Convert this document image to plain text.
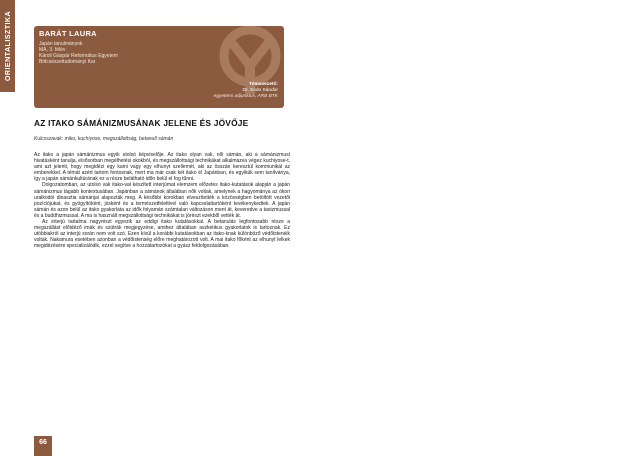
ORIENTALISZTIKA	BARÁT LAURA
Japán tanulmányok
MA, 3. félév
Károli Gáspár Református Egyetem
Bölcsészettudományi Kar
Témavezető:
Dr. Sódo Sándor
egyetemi adjunktus, ARB BTK
AZ ITAKO SÁMÁNIZMUSÁNAK JELENE ÉS JÖVŐJE
Kulcsszavak: miko, kuchiyose, megszállottság, betanult sámán

Az itako a japán sámánizmus egyik utolsó képviselője. Az itako olyan vak, női sámán, aki a sámánizmust hivatásként tanulja, elsősorban megélhetési okokból, és megszállottsági technikákat alkalmazva végez kuchiyose-t, ami azt jelenti, hogy megidézi egy kami vagy egy elhunyt szellemét, aki az összán keresztül kommunikál az emberekkel. A témát azért tartom fontosnak, mert ma már csak két itako él Japánban, és egyikük sem tanítványa, így a japán sámánkultúrának ez a része belátható időn belül el fog tűnni.

Dolgozatomban, az utolsó vak itako-val készített interjúmat elemzem előzetes itako-kutatások alapján a japán sámánizmus tágabb kontextusában. Japánban a sámánok általában nők voltak, amelynek a hagyománya az ókori uralkodói dinasztia sámánjai alapozták meg. A későbbi korokban elveszítették a közösségben betöltött vezetői pozíciójukat, és gyógyítóként, jósként és a természetfelettivel való kapcsolattartóként tevékenykedtek. A japán sámán és azon belül az itako gyakorlata az idők folyamán számtalan változáson ment át, keveredve a taoizmussal és a buddhizmussal. A ma is használt megszállottsági technikákat is jórészt ezekből vették át.

Az interjú tartalma nagyrészt egyezik az eddigi itako kutatásokkal. A betanulás legfontosabb része a megszállást előidéző imák és szútrák megjegyzése, amihez általában aszketikus gyakorlatok is tartoznak. Ez utóbbiakról az interjú során nem volt szó. Ezen kívül a korábbi kutatásokban az itako-knak különböző védőistenéik voltak. Nakamura esetében azonban a védőistenség előre meghatározott volt. A mai itako főként az elhunyt lelkek megidézésére specializálódik, ezzel segítve a hozzátartozókat a gyász feldolgozásában.

66
